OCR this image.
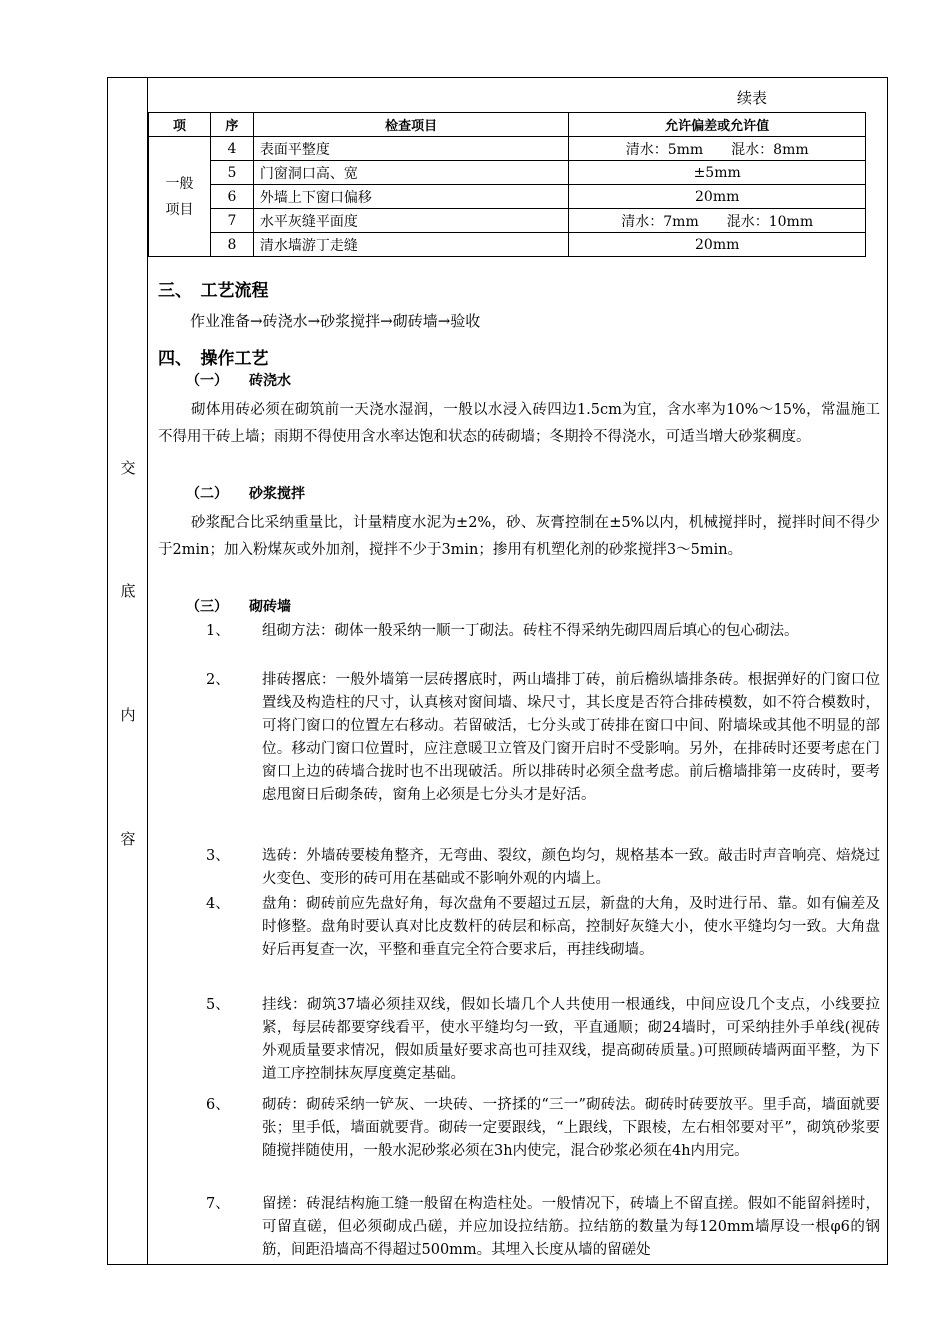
交
底
内
容
续表
项	序	检查项目	允许偏差或允许值
一般项目	4	表面平整度	清水：5mm　　混水：8mm
	5	门窗洞口高、宽	±5mm
	6	外墙上下窗口偏移	20mm
	7	水平灰缝平面度	清水：7mm　　混水：10mm
	8	清水墙游丁走缝	20mm
三、　工艺流程
作业准备→砖浇水→砂浆搅拌→砌砖墙→验收
四、　操作工艺
（一）　　砖浇水
砌体用砖必须在砌筑前一天浇水湿润，一般以水浸入砖四边1.5cm为宜，含水率为10%～15%，常温施工不得用干砖上墙；雨期不得使用含水率达饱和状态的砖砌墙；冬期拎不得浇水，可适当增大砂浆稠度。
（二）　　砂浆搅拌
砂浆配合比采纳重量比，计量精度水泥为±2%，砂、灰膏控制在±5%以内，机械搅拌时，搅拌时间不得少于2min；加入粉煤灰或外加剂，搅拌不少于3min；掺用有机塑化剂的砂浆搅拌3～5min。
（三）　　砌砖墙
1、 组砌方法：砌体一般采纳一顺一丁砌法。砖柱不得采纳先砌四周后填心的包心砌法。
2、 排砖撂底：一般外墙第一层砖撂底时，两山墙排丁砖，前后檐纵墙排条砖。根据弹好的门窗口位置线及构造柱的尺寸，认真核对窗间墙、垛尺寸，其长度是否符合排砖模数，如不符合模数时，可将门窗口的位置左右移动。若留破活，七分头或丁砖排在窗口中间、附墙垛或其他不明显的部位。移动门窗口位置时，应注意暖卫立管及门窗开启时不受影响。另外，在排砖时还要考虑在门窗口上边的砖墙合拢时也不出现破活。所以排砖时必须全盘考虑。前后檐墙排第一皮砖时，要考虑甩窗日后砌条砖，窗角上必须是七分头才是好活。
3、 选砖：外墙砖要棱角整齐，无弯曲、裂纹，颜色均匀，规格基本一致。敲击时声音响亮、焙烧过火变色、变形的砖可用在基础或不影响外观的内墙上。
4、 盘角：砌砖前应先盘好角，每次盘角不要超过五层，新盘的大角，及时进行吊、靠。如有偏差及时修整。盘角时要认真对比皮数杆的砖层和标高，控制好灰缝大小，使水平缝均匀一致。大角盘好后再复查一次，平整和垂直完全符合要求后，再挂线砌墙。
5、 挂线：砌筑37墙必须挂双线，假如长墙几个人共使用一根通线，中间应设几个支点，小线要拉紧，每层砖都要穿线看平，使水平缝均匀一致，平直通顺；砌24墙时，可采纳挂外手单线(视砖外观质量要求情况，假如质量好要求高也可挂双线，提高砌砖质量。)可照顾砖墙两面平整，为下道工序控制抹灰厚度奠定基础。
6、 砌砖：砌砖采纳一铲灰、一块砖、一挤揉的“三一”砌砖法。砌砖时砖要放平。里手高，墙面就要张；里手低，墙面就要背。砌砖一定要跟线，“上跟线，下跟棱，左右相邻要对平”，砌筑砂浆要随搅拌随使用，一般水泥砂浆必须在3h内使完，混合砂浆必须在4h内用完。
7、 留搓：砖混结构施工缝一般留在构造柱处。一般情况下，砖墙上不留直搓。假如不能留斜搓时，可留直磋，但必须砌成凸磋，并应加设拉结筋。拉结筋的数量为每120mm墙厚设一根φ6的钢筋，间距沿墙高不得超过500mm。其埋入长度从墙的留磋处
